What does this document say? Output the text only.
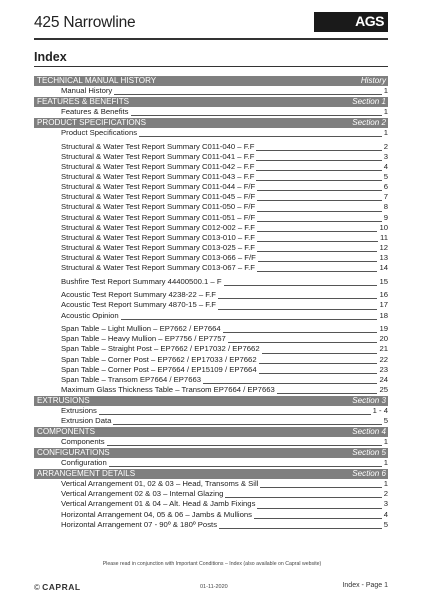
425 Narrowline	AGS
Index
TECHNICAL MANUAL HISTORY	History
Manual History	1
FEATURES & BENEFITS	Section 1
Features & Benefits	1
PRODUCT SPECIFICATIONS	Section 2
Product Specifications	1
Structural & Water Test Report Summary C011-040 – F.F	2
Structural & Water Test Report Summary C011-041 – F.F	3
Structural & Water Test Report Summary C011-042 – F.F	4
Structural & Water Test Report Summary C011-043 – F.F	5
Structural & Water Test Report Summary C011-044 – F/F	6
Structural & Water Test Report Summary C011-045 – F/F	7
Structural & Water Test Report Summary C011-050 – F/F	8
Structural & Water Test Report Summary C011-051 – F/F	9
Structural & Water Test Report Summary C012-002 – F.F	10
Structural & Water Test Report Summary C013-010 – F.F	11
Structural & Water Test Report Summary C013-025 – F.F	12
Structural & Water Test Report Summary C013-066 – F/F	13
Structural & Water Test Report Summary C013-067 – F.F	14
Bushfire Test Report Summary 44400500.1 – F	15
Acoustic Test Report Summary 4238-22 – F.F	16
Acoustic Test Report Summary 4870-15 – F.F	17
Acoustic Opinion	18
Span Table – Light Mullion – EP7662 / EP7664	19
Span Table – Heavy Mullion – EP7756 / EP7757	20
Span Table – Straight Post – EP7662 / EP17032 / EP7662	21
Span Table – Corner Post – EP7662 / EP17033 / EP7662	22
Span Table – Corner Post – EP7664 / EP15109 / EP7664	23
Span Table – Transom EP7664 / EP7663	24
Maximum Glass Thickness Table – Transom EP7664 / EP7663	25
EXTRUSIONS	Section 3
Extrusions	1 - 4
Extrusion Data	5
COMPONENTS	Section 4
Components	1
CONFIGURATIONS	Section 5
Configuration	1
ARRANGEMENT DETAILS	Section 6
Vertical Arrangement 01, 02 & 03 – Head, Transoms & Sill	1
Vertical Arrangement 02 & 03 – Internal Glazing	2
Vertical Arrangement 01 & 04 – Alt. Head & Jamb Fixings	3
Horizontal Arrangement 04, 05 & 06 – Jambs & Mullions	4
Horizontal Arrangement 07 - 90º & 180º Posts	5
Please read in conjunction with Important Conditions – Index (also available on Capral website)
© CAPRAL	01-11-2020	Index - Page 1
